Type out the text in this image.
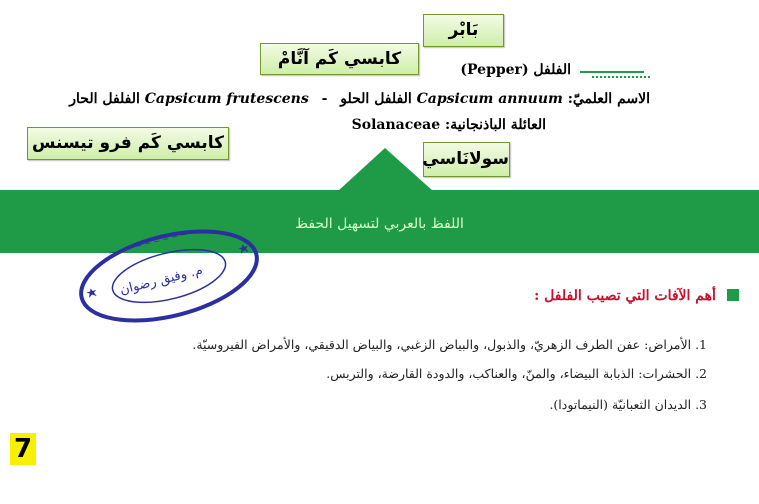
بَابْر
كابسي كَم آنَّامْ
كابسي كَم فرو تيسنس
سولانَاسي
الفلفل (Pepper)
الاسم العلميّ: Capsicum annuum الفلفل الحلو - Capsicum frutescens الفلفل الحار
العائلة الباذنجانية: Solanaceae
اللفظ بالعربي لتسهيل الحفظ
~ ~ ~ ~ ~ ~ ~ ~ ~ ~
م. وفيق رضوان	أهم الآفات التي تصيب الفلفل :
1. الأمراض: عفن الطرف الزهريّ، والذبول، والبياض الزغبي، والبياض الدقيقي، والأمراض الفيروسيّة.
2. الحشرات: الذبابة البيضاء، والمنّ، والعناكب، والدودة القارضة، والتربس.
3. الديدان الثعبانيّة (النيماتودا).
7
